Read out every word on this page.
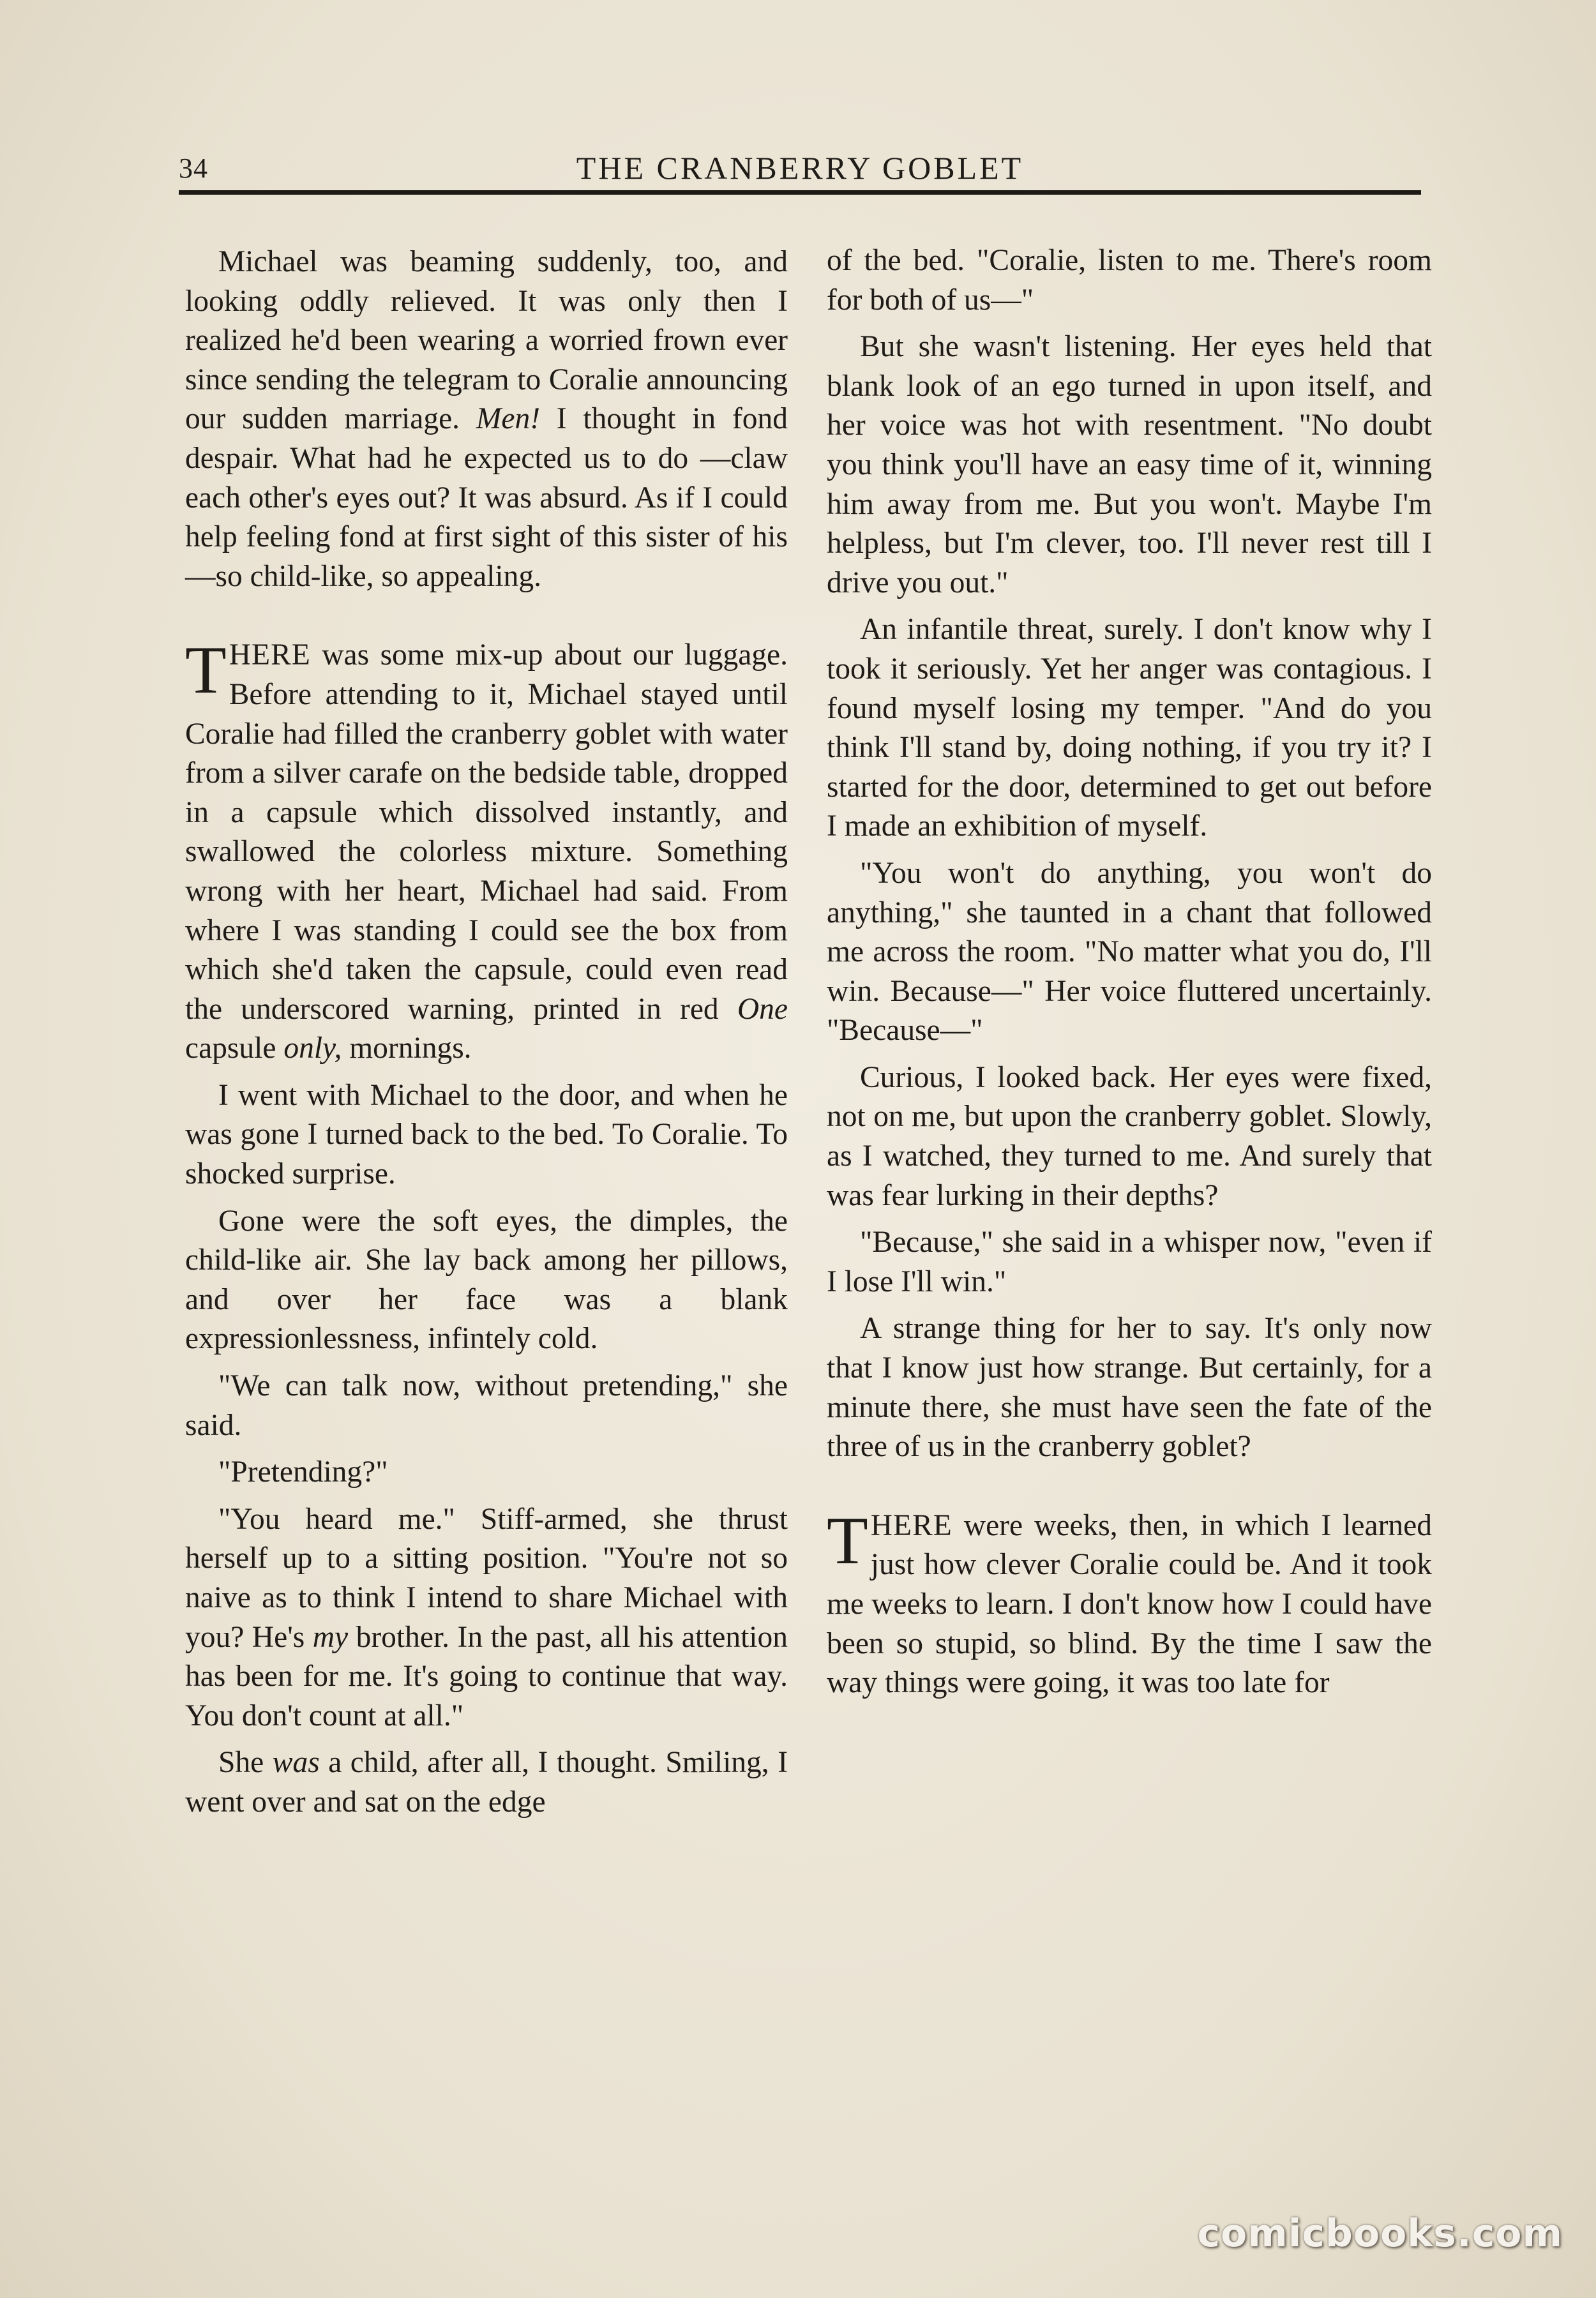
34	THE CRANBERRY GOBLET

Michael was beaming suddenly, too, and looking oddly relieved. It was only then I realized he'd been wearing a worried frown ever since sending the telegram to Coralie announcing our sudden marriage. Men! I thought in fond despair. What had he expected us to do —claw each other's eyes out? It was absurd. As if I could help feeling fond at first sight of this sister of his—so child-like, so appealing.

THERE was some mix-up about our luggage. Before attending to it, Michael stayed until Coralie had filled the cranberry goblet with water from a silver carafe on the bedside table, dropped in a capsule which dissolved instantly, and swallowed the colorless mixture. Something wrong with her heart, Michael had said. From where I was standing I could see the box from which she'd taken the capsule, could even read the underscored warning, printed in red One capsule only, mornings.

I went with Michael to the door, and when he was gone I turned back to the bed. To Coralie. To shocked surprise.

Gone were the soft eyes, the dimples, the child-like air. She lay back among her pillows, and over her face was a blank expressionlessness, infintely cold.

"We can talk now, without pretending," she said.

"Pretending?"

"You heard me." Stiff-armed, she thrust herself up to a sitting position. "You're not so naive as to think I intend to share Michael with you? He's my brother. In the past, all his attention has been for me. It's going to continue that way. You don't count at all."

She was a child, after all, I thought. Smiling, I went over and sat on the edge

of the bed. "Coralie, listen to me. There's room for both of us—"

But she wasn't listening. Her eyes held that blank look of an ego turned in upon itself, and her voice was hot with resentment. "No doubt you think you'll have an easy time of it, winning him away from me. But you won't. Maybe I'm helpless, but I'm clever, too. I'll never rest till I drive you out."

An infantile threat, surely. I don't know why I took it seriously. Yet her anger was contagious. I found myself losing my temper. "And do you think I'll stand by, doing nothing, if you try it? I started for the door, determined to get out before I made an exhibition of myself.

"You won't do anything, you won't do anything," she taunted in a chant that followed me across the room. "No matter what you do, I'll win. Because—" Her voice fluttered uncertainly. "Because—"

Curious, I looked back. Her eyes were fixed, not on me, but upon the cranberry goblet. Slowly, as I watched, they turned to me. And surely that was fear lurking in their depths?

"Because," she said in a whisper now, "even if I lose I'll win."

A strange thing for her to say. It's only now that I know just how strange. But certainly, for a minute there, she must have seen the fate of the three of us in the cranberry goblet?

THERE were weeks, then, in which I learned just how clever Coralie could be. And it took me weeks to learn. I don't know how I could have been so stupid, so blind. By the time I saw the way things were going, it was too late for

comicbooks.com
